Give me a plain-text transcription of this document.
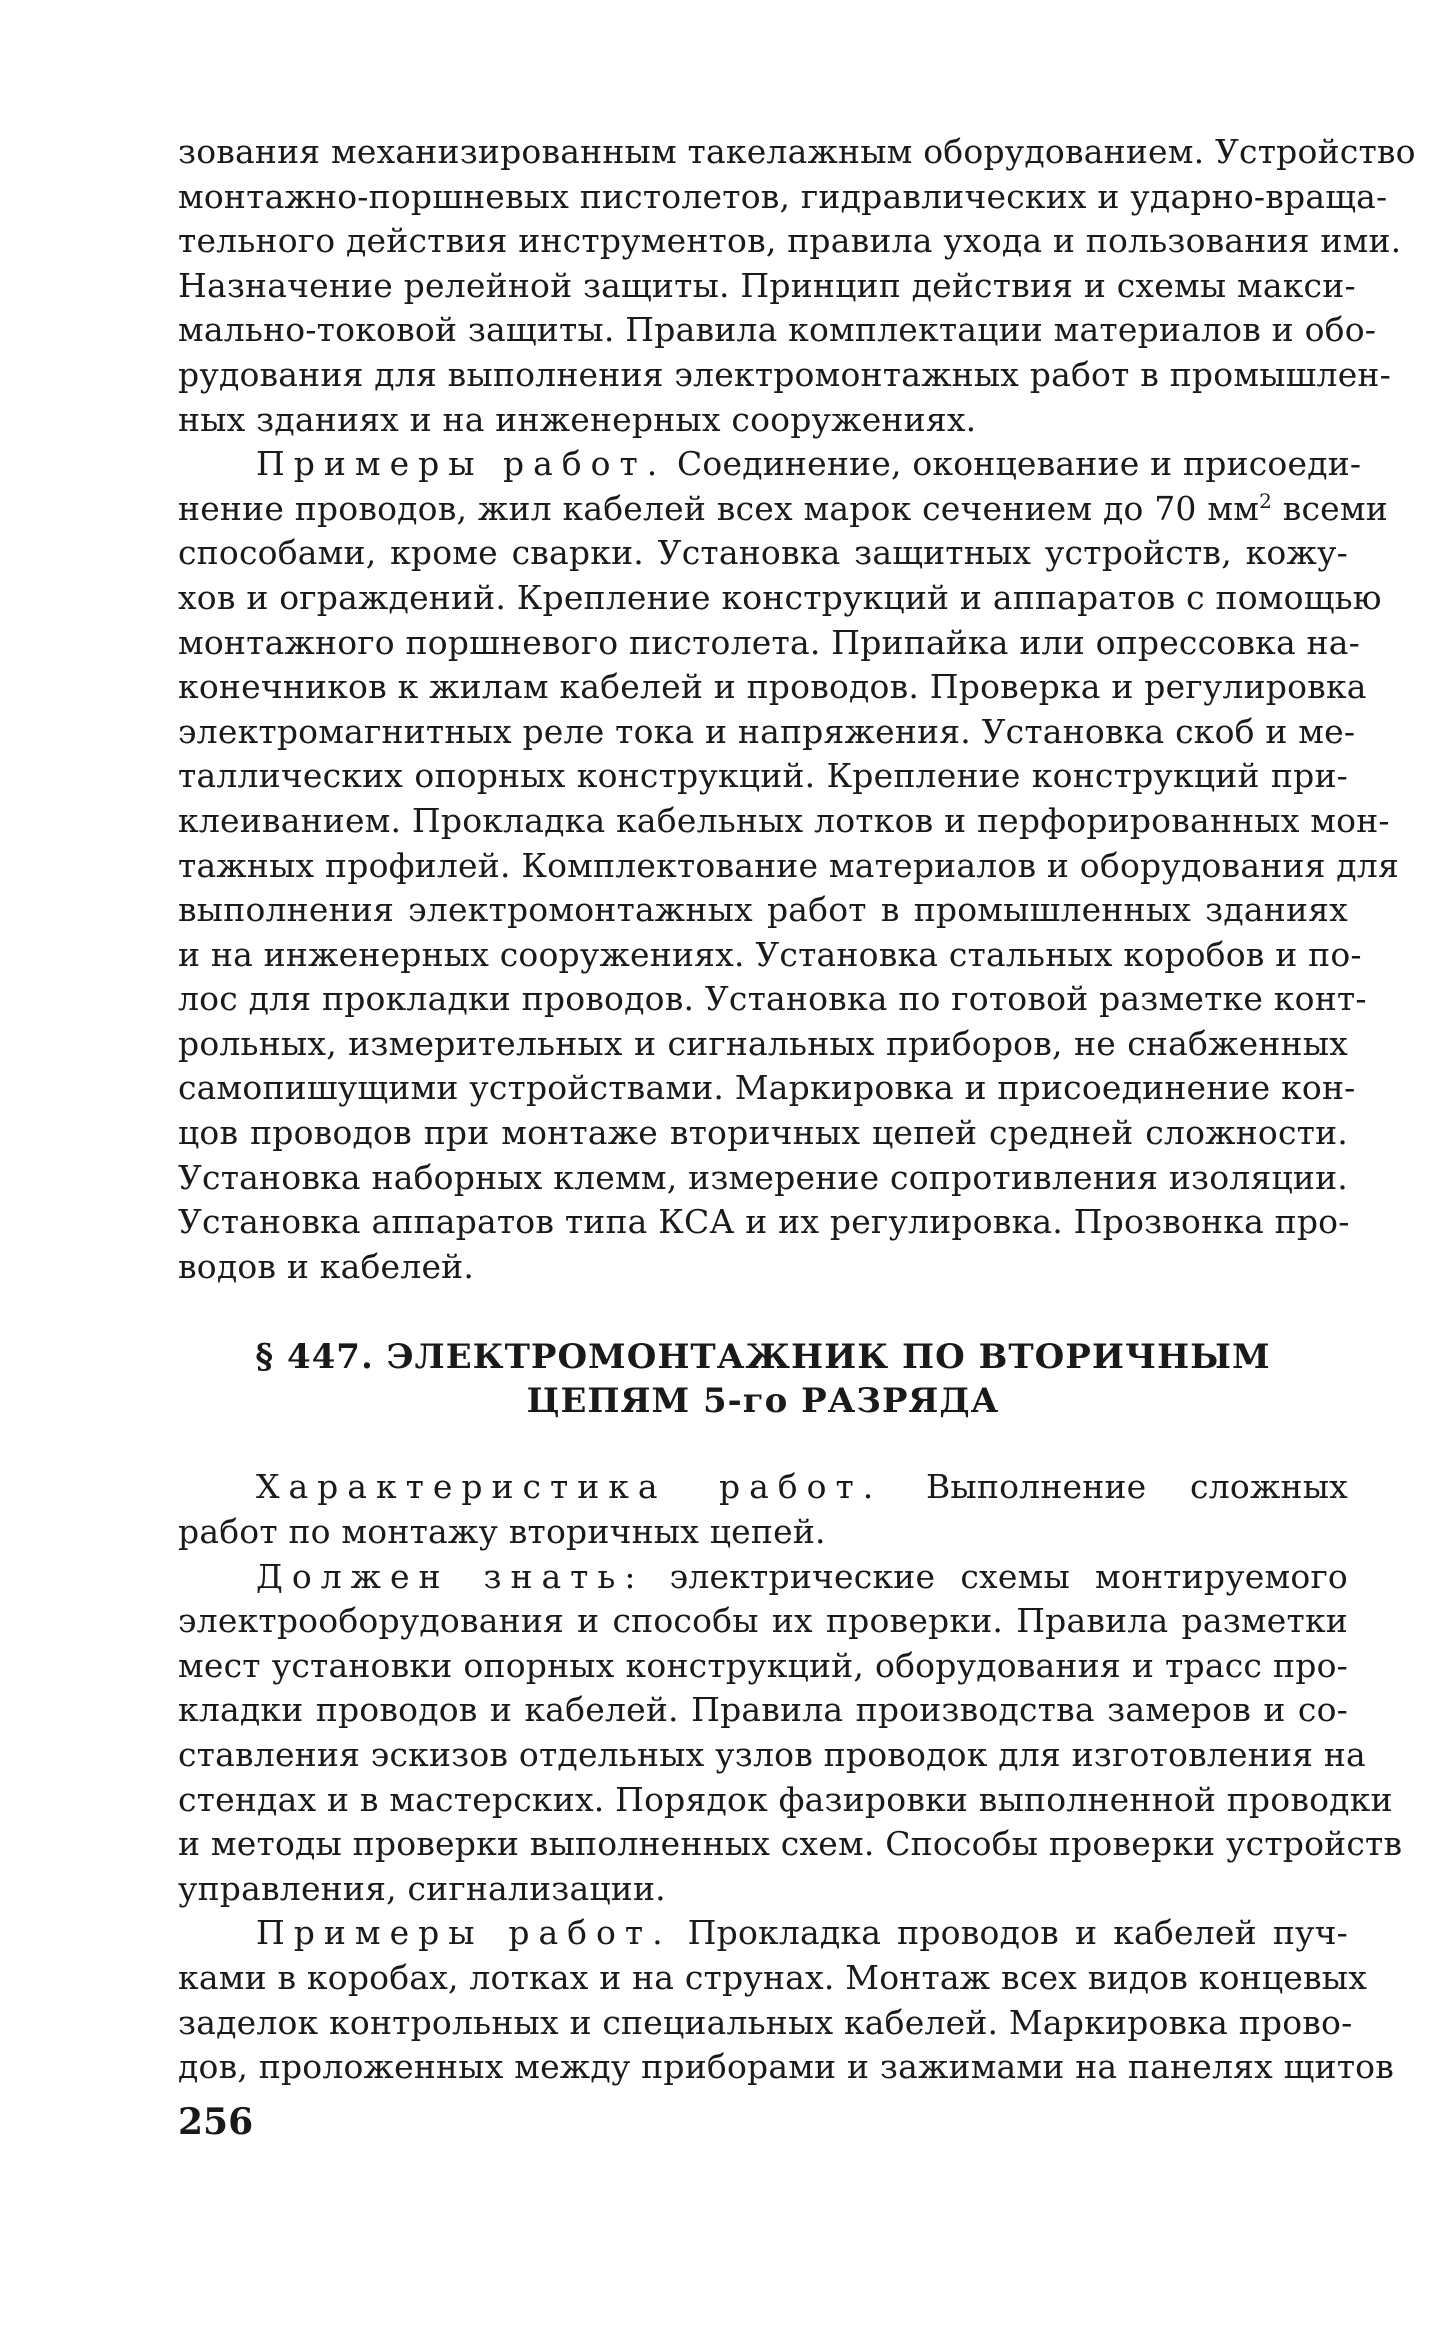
зования механизированным такелажным оборудованием. Устройство
монтажно-поршневых пистолетов, гидравлических и ударно-враща-
тельного действия инструментов, правила ухода и пользования ими.
Назначение релейной защиты. Принцип действия и схемы макси-
мально-токовой защиты. Правила комплектации материалов и обо-
рудования для выполнения электромонтажных работ в промышлен-
ных зданиях и на инженерных сооружениях.
Примеры работ. Соединение, оконцевание и присоеди-
нение проводов, жил кабелей всех марок сечением до 70 $мм^2$ всеми
способами, кроме сварки. Установка защитных устройств, кожу-
хов и ограждений. Крепление конструкций и аппаратов с помощью
монтажного поршневого пистолета. Припайка или опрессовка на-
конечников к жилам кабелей и проводов. Проверка и регулировка
электромагнитных реле тока и напряжения. Установка скоб и ме-
таллических опорных конструкций. Крепление конструкций при-
клеиванием. Прокладка кабельных лотков и перфорированных мон-
тажных профилей. Комплектование материалов и оборудования для
выполнения электромонтажных работ в промышленных зданиях
и на инженерных сооружениях. Установка стальных коробов и по-
лос для прокладки проводов. Установка по готовой разметке конт-
рольных, измерительных и сигнальных приборов, не снабженных
самопишущими устройствами. Маркировка и присоединение кон-
цов проводов при монтаже вторичных цепей средней сложности.
Установка наборных клемм, измерение сопротивления изоляции.
Установка аппаратов типа КСА и их регулировка. Прозвонка про-
водов и кабелей.
§ 447. ЭЛЕКТРОМОНТАЖНИК ПО ВТОРИЧНЫМ
ЦЕПЯМ 5-го РАЗРЯДА
Характеристика работ. Выполнение сложных
работ по монтажу вторичных цепей.
Должен знать: электрические схемы монтируемого
электрооборудования и способы их проверки. Правила разметки
мест установки опорных конструкций, оборудования и трасс про-
кладки проводов и кабелей. Правила производства замеров и со-
ставления эскизов отдельных узлов проводок для изготовления на
стендах и в мастерских. Порядок фазировки выполненной проводки
и методы проверки выполненных схем. Способы проверки устройств
управления, сигнализации.
Примеры работ. Прокладка проводов и кабелей пуч-
ками в коробах, лотках и на струнах. Монтаж всех видов концевых
заделок контрольных и специальных кабелей. Маркировка прово-
дов, проложенных между приборами и зажимами на панелях щитов
256
